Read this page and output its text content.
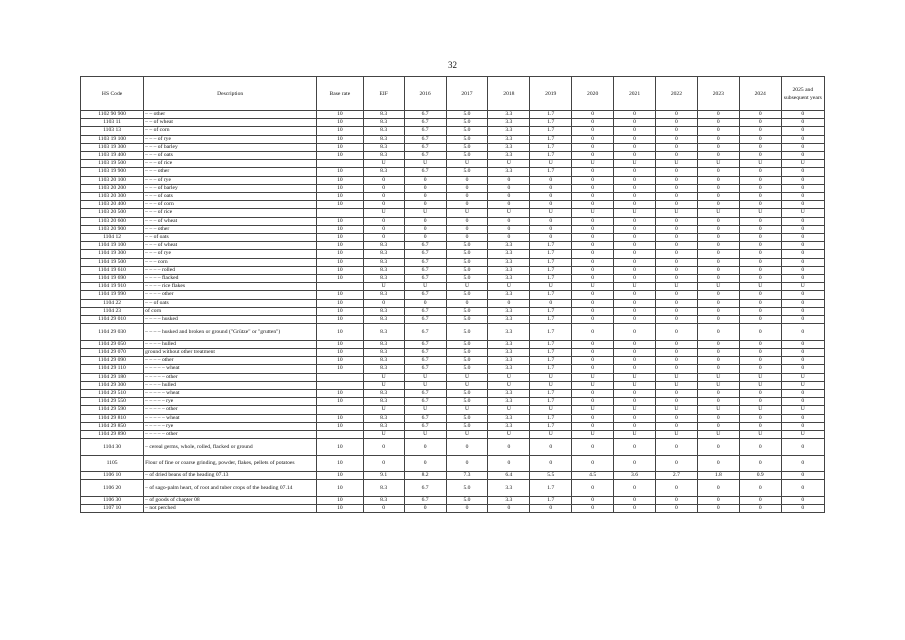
32
HS Code	Description	Base rate	EIF	2016	2017	2018	2019	2020	2021	2022	2023	2024	2025 and subsequent years
1102 90 900	– – other	10	8.3	6.7	5.0	3.3	1.7	0	0	0	0	0	0
1103 11	– – of wheat	10	8.3	6.7	5.0	3.3	1.7	0	0	0	0	0	0
1103 13	– – of corn	10	8.3	6.7	5.0	3.3	1.7	0	0	0	0	0	0
1103 19 100	– – – of rye	10	8.3	6.7	5.0	3.3	1.7	0	0	0	0	0	0
1103 19 300	– – – of barley	10	8.3	6.7	5.0	3.3	1.7	0	0	0	0	0	0
1103 19 400	– – – of oats	10	8.3	6.7	5.0	3.3	1.7	0	0	0	0	0	0
1103 19 500	– – – of rice		U	U	U	U	U	U	U	U	U	U	U
1103 19 900	– – – other	10	8.3	6.7	5.0	3.3	1.7	0	0	0	0	0	0
1103 20 100	– – – of rye	10	0	0	0	0	0	0	0	0	0	0	0
1103 20 200	– – – of barley	10	0	0	0	0	0	0	0	0	0	0	0
1103 20 300	– – – of oats	10	0	0	0	0	0	0	0	0	0	0	0
1103 20 400	– – – of corn	10	0	0	0	0	0	0	0	0	0	0	0
1103 20 500	– – – of rice		U	U	U	U	U	U	U	U	U	U	U
1103 20 600	– – – of wheat	10	0	0	0	0	0	0	0	0	0	0	0
1103 20 900	– – – other	10	0	0	0	0	0	0	0	0	0	0	0
1104 12	– – of oats	10	0	0	0	0	0	0	0	0	0	0	0
1104 19 100	– – – of wheat	10	8.3	6.7	5.0	3.3	1.7	0	0	0	0	0	0
1104 19 300	– – – of rye	10	8.3	6.7	5.0	3.3	1.7	0	0	0	0	0	0
1104 19 500	– – – corn	10	8.3	6.7	5.0	3.3	1.7	0	0	0	0	0	0
1104 19 610	– – – – rolled	10	8.3	6.7	5.0	3.3	1.7	0	0	0	0	0	0
1104 19 690	– – – – flacked	10	8.3	6.7	5.0	3.3	1.7	0	0	0	0	0	0
1104 19 910	– – – – rice flakes		U	U	U	U	U	U	U	U	U	U	U
1104 19 990	– – – – other	10	8.3	6.7	5.0	3.3	1.7	0	0	0	0	0	0
1104 22	– – of oats	10	0	0	0	0	0	0	0	0	0	0	0
1104 23	of corn	10	8.3	6.7	5.0	3.3	1.7	0	0	0	0	0	0
1104 29 010	– – – – husked	10	8.3	6.7	5.0	3.3	1.7	0	0	0	0	0	0
1104 29 030	– – – – husked and broken or ground ("Grütze" or "grutten")	10	8.3	6.7	5.0	3.3	1.7	0	0	0	0	0	0
1104 29 050	– – – – hulled	10	8.3	6.7	5.0	3.3	1.7	0	0	0	0	0	0
1104 29 070	ground without other treatment	10	8.3	6.7	5.0	3.3	1.7	0	0	0	0	0	0
1104 29 090	– – – – other	10	8.3	6.7	5.0	3.3	1.7	0	0	0	0	0	0
1104 29 110	– – – – – wheat	10	8.3	6.7	5.0	3.3	1.7	0	0	0	0	0	0
1104 29 180	– – – – – other		U	U	U	U	U	U	U	U	U	U	U
1104 29 300	– – – – hulled		U	U	U	U	U	U	U	U	U	U	U
1104 29 510	– – – – – wheat	10	8.3	6.7	5.0	3.3	1.7	0	0	0	0	0	0
1104 29 550	– – – – – rye	10	8.3	6.7	5.0	3.3	1.7	0	0	0	0	0	0
1104 29 590	– – – – – other		U	U	U	U	U	U	U	U	U	U	U
1104 29 810	– – – – – wheat	10	8.3	6.7	5.0	3.3	1.7	0	0	0	0	0	0
1104 29 850	– – – – – rye	10	8.3	6.7	5.0	3.3	1.7	0	0	0	0	0	0
1104 29 890	– – – – – other		U	U	U	U	U	U	U	U	U	U	U
1104 30	– cereal germs, whole, rolled, flacked or ground	10	0	0	0	0	0	0	0	0	0	0	0
1105	Flour of fine or coarse grinding, powder, flakes, pellets of potatoes	10	0	0	0	0	0	0	0	0	0	0	0
1106 10	– of dried beans of the heading 07.13	10	9.1	8.2	7.3	6.4	5.5	4.5	3.6	2.7	1.8	0.9	0
1106 20	– of sago-palm heart, of root and tuber crops of the heading 07.14	10	8.3	6.7	5.0	3.3	1.7	0	0	0	0	0	0
1106 30	– of goods of chapter 08	10	8.3	6.7	5.0	3.3	1.7	0	0	0	0	0	0
1107 10	– not perched	10	0	0	0	0	0	0	0	0	0	0	0
